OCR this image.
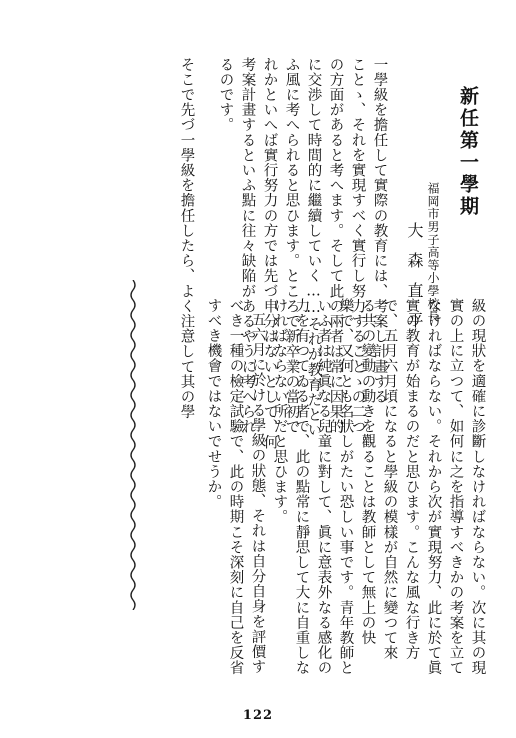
新任第一學期
福岡市男子高等小學校長
大森直平
一學級を擔任して實際の教育には、考案し計畫する
ことゝ、それを實現すべく實行し努力することゝの二つ
の方面があると考へます。そして此の兩者は常に因果的
に交渉して時間的に繼續していく……それが教育だとい
ふ風に考へられると思ひます。ところで新卒業の當初で
れかといへば實行努力の方では先づ申分はないとして、何
考案計畫するといふ點に往々缺陥があるやうに考へられ
るのです。
そこで先づ一學級を擔任したら、よく注意して其の學
級の現狀を適確に診斷しなければならない。次に其の現
實の上に立つて、如何に之を指導すべきかの考案を立て
なければならない。それから次が實現努力、此に於て眞
實の教育が始まるのだと思ひます。こんな風な行き方
で、五月六月頃になると學級の模樣が自然に變つて來
る共の變動の動きを觀ることは教師として無上の快
樂で、又何とも名狀しがたい恐しい事です。青年教師と
いふ者は純眞なる兒童に對して、眞に意表外なる感化の
力を有つてゐる者で、此の點常に靜思して大に自重しな
ければならない所だと思ひます。
五六月に於ける學級の狀態、それは自分自身を評價す
べき一種の檢定試驗で、此の時期こそ深刻に自己を反省
すべき機會ではないでせうか。
122
